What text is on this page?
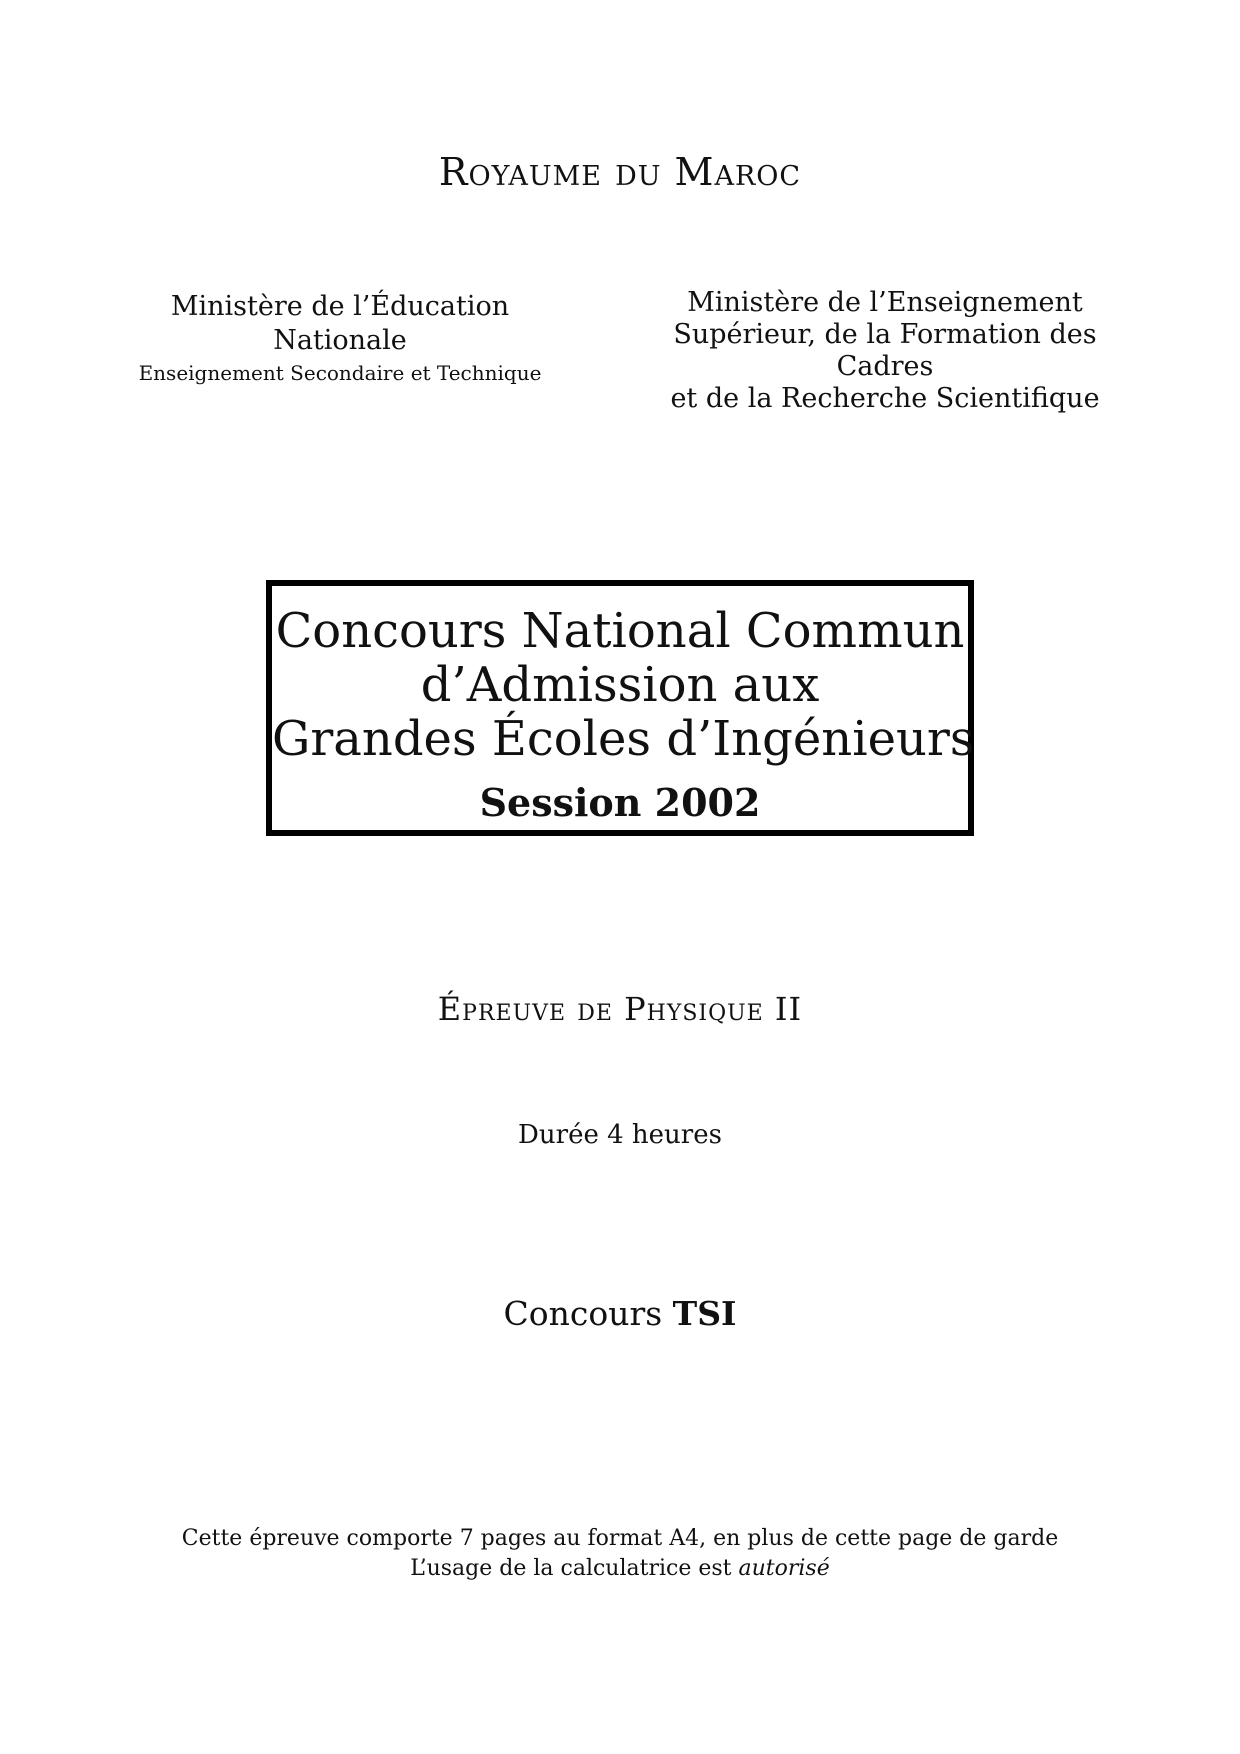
Royaume du Maroc
Ministère de l’Éducation Nationale
Enseignement Secondaire et Technique
Ministère de l’Enseignement
Supérieur, de la Formation des Cadres
et de la Recherche Scientifique
Concours National Commun
d’Admission aux
Grandes Écoles d’Ingénieurs
Session 2002
Épreuve de Physique II
Durée 4 heures
Concours TSI
Cette épreuve comporte 7 pages au format A4, en plus de cette page de garde
L’usage de la calculatrice est autorisé
